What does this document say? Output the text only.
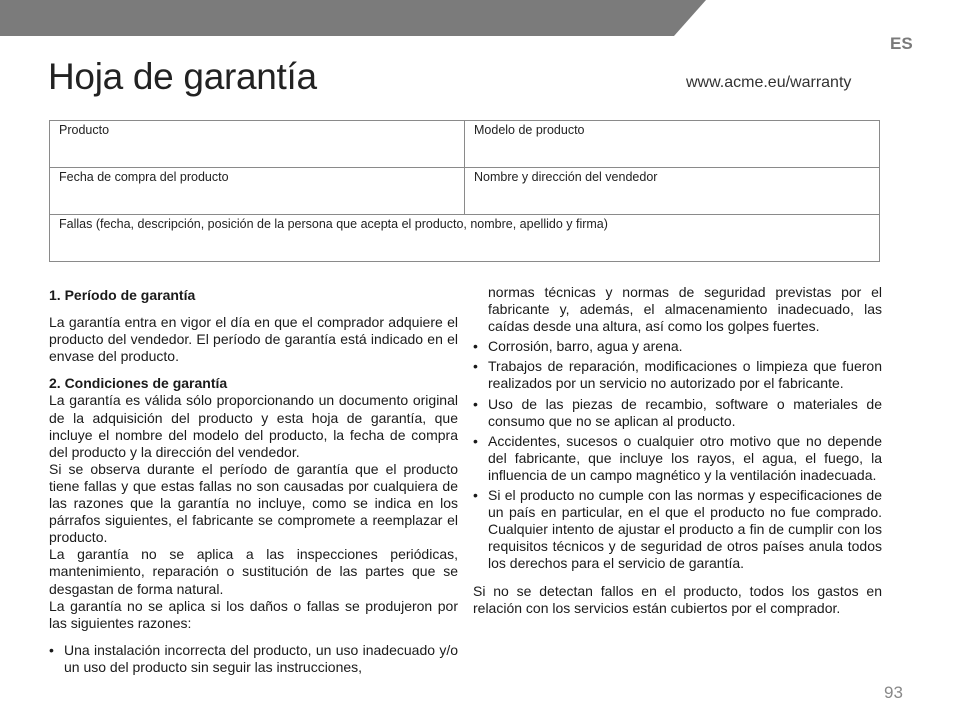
ES
Hoja de garantía	www.acme.eu/warranty
Producto	Modelo de producto
Fecha de compra del producto	Nombre y dirección del vendedor
Fallas (fecha, descripción, posición de la persona que acepta el producto, nombre, apellido y firma)	

1. Período de garantía

La garantía entra en vigor el día en que el comprador adquiere el producto del vendedor. El período de garantía está indicado en el envase del producto.

2. Condiciones de garantía

La garantía es válida sólo proporcionando un documento original de la adquisición del producto y esta hoja de garantía, que incluye el nombre del modelo del producto, la fecha de compra del producto y la dirección del vendedor.

Si se observa durante el período de garantía que el producto tiene fallas y que estas fallas no son causadas por cualquiera de las razones que la garantía no incluye, como se indica en los párrafos siguientes, el fabricante se compromete a reemplazar el producto.

La garantía no se aplica a las inspecciones periódicas, mantenimiento, reparación o sustitución de las partes que se desgastan de forma natural.

La garantía no se aplica si los daños o fallas se produjeron por las siguientes razones:

• Una instalación incorrecta del producto, un uso inadecuado y/o un uso del producto sin seguir las instrucciones,

normas técnicas y normas de seguridad previstas por el fabricante y, además, el almacenamiento inadecuado, las caídas desde una altura, así como los golpes fuertes.

• Corrosión, barro, agua y arena.
• Trabajos de reparación, modificaciones o limpieza que fueron realizados por un servicio no autorizado por el fabricante.
• Uso de las piezas de recambio, software o materiales de consumo que no se aplican al producto.
• Accidentes, sucesos o cualquier otro motivo que no depende del fabricante, que incluye los rayos, el agua, el fuego, la influencia de un campo magnético y la ventilación inadecuada.
• Si el producto no cumple con las normas y especificaciones de un país en particular, en el que el producto no fue comprado. Cualquier intento de ajustar el producto a fin de cumplir con los requisitos técnicos y de seguridad de otros países anula todos los derechos para el servicio de garantía.

Si no se detectan fallos en el producto, todos los gastos en relación con los servicios están cubiertos por el comprador.

93
